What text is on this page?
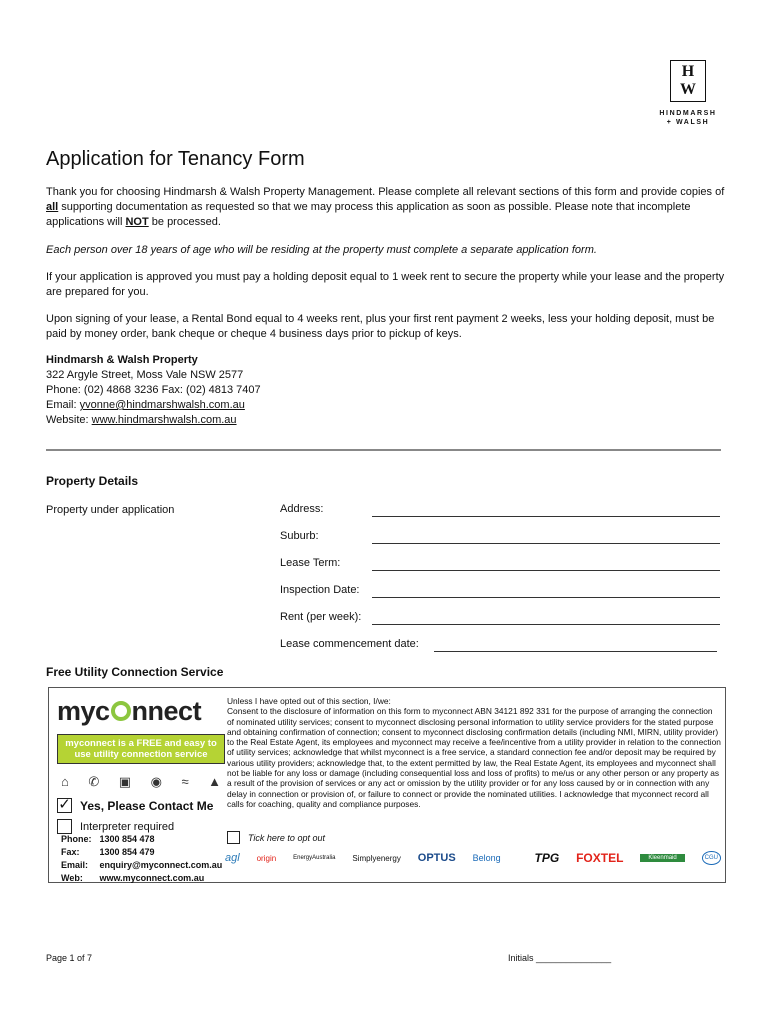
H
W
HINDMARSH
+ WALSH
Application for Tenancy Form

Thank you for choosing Hindmarsh & Walsh Property Management. Please complete all relevant sections of this form and provide copies of all supporting documentation as requested so that we may process this application as soon as possible. Please note that incomplete applications will NOT be processed.

Each person over 18 years of age who will be residing at the property must complete a separate application form.

If your application is approved you must pay a holding deposit equal to 1 week rent to secure the property while your lease and the property are prepared for you.

Upon signing of your lease, a Rental Bond equal to 4 weeks rent, plus your first rent payment 2 weeks, less your holding deposit, must be paid by money order, bank cheque or cheque 4 business days prior to pickup of keys.

Hindmarsh & Walsh Property
322 Argyle Street, Moss Vale NSW 2577
Phone: (02) 4868 3236 Fax: (02) 4813 7407
Email: yvonne@hindmarshwalsh.com.au
Website: www.hindmarshwalsh.com.au
Property Details
Property under application	Address:
Suburb:
Lease Term:
Inspection Date:
Rent (per week):
Lease commencement date:
Free Utility Connection Service
myc nnect
myconnect is a FREE and easy to use utility connection service
⌂ ✆ ▣ ◉ ≈ ▲
✓ Yes, Please Contact Me
Interpreter required
Phone:	1300 854 478
Fax:	1300 854 479
Email:	enquiry@myconnect.com.au
Web:	www.myconnect.com.au
Unless I have opted out of this section, I/we:
Consent to the disclosure of information on this form to myconnect ABN 34121 892 331 for the purpose of arranging the connection of nominated utility services; consent to myconnect disclosing personal information to utility service providers for the stated purpose and obtaining confirmation of connection; consent to myconnect disclosing confirmation details (including NMI, MIRN, utility provider) to the Real Estate Agent, its employees and myconnect may receive a fee/incentive from a utility provider in relation to the connection of utility services; acknowledge that whilst myconnect is a free service, a standard connection fee and/or deposit may be required by various utility providers; acknowledge that, to the extent permitted by law, the Real Estate Agent, its employees and myconnect shall not be liable for any loss or damage (including consequential loss and loss of profits) to me/us or any other person or any property as a result of the provision of services or any act or omission by the utility provider or for any loss caused by or in connection with any delay in connection or provision of, or failure to connect or provide the nominated utilities. I acknowledge that myconnect record all calls for coaching, quality and compliance purposes.
Tick here to opt out
agl origin	EnergyAustralia Simplyenergy OPTUS Belong	TPG FOXTEL	Kleenmaid	CGU
Page 1 of 7	Initials _______________
